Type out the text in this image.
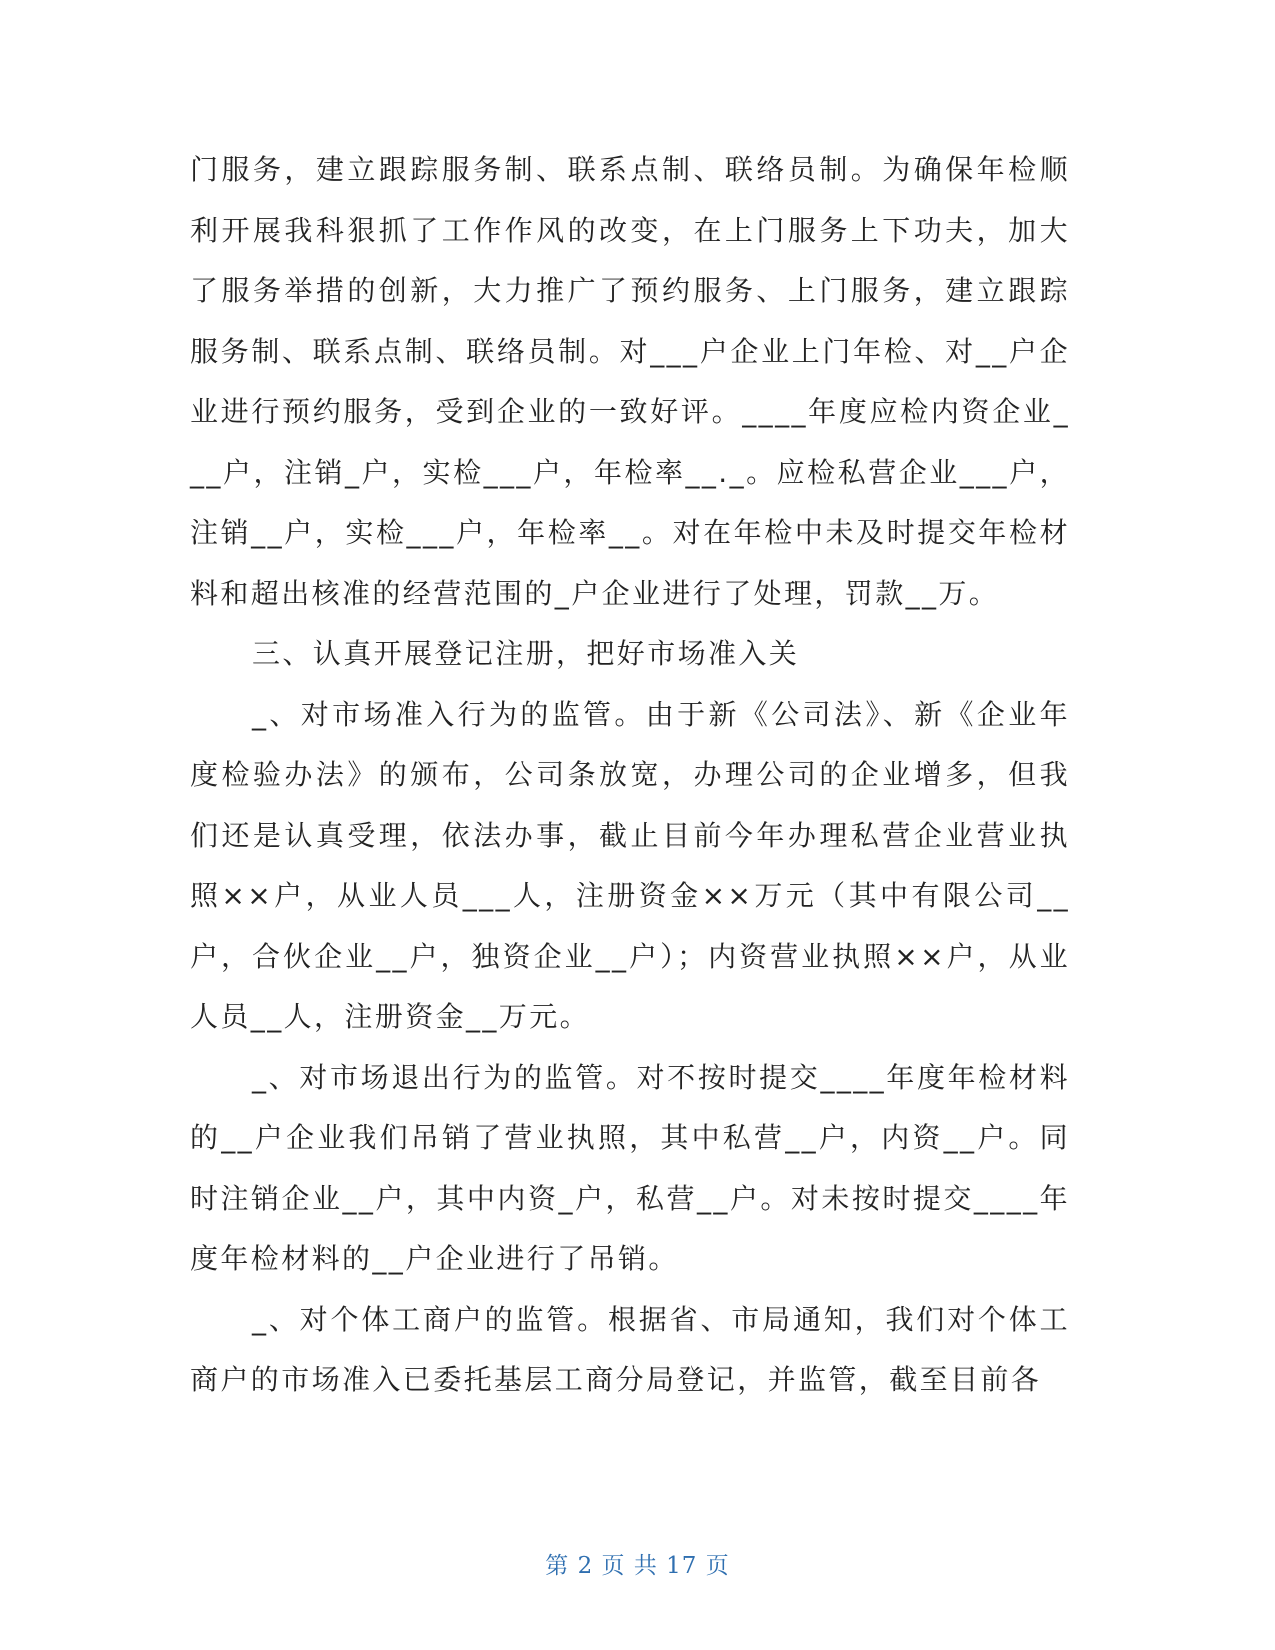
门服务，建立跟踪服务制、联系点制、联络员制。为确保年检顺利开展我科狠抓了工作作风的改变，在上门服务上下功夫，加大了服务举措的创新，大力推广了预约服务、上门服务，建立跟踪服务制、联系点制、联络员制。对___户企业上门年检、对__户企业进行预约服务，受到企业的一致好评。____年度应检内资企业___户，注销_户，实检___户，年检率__._。应检私营企业___户，注销__户，实检___户，年检率__。对在年检中未及时提交年检材料和超出核准的经营范围的_户企业进行了处理，罚款__万。

三、认真开展登记注册，把好市场准入关

_、对市场准入行为的监管。由于新《公司法》、新《企业年度检验办法》的颁布，公司条放宽，办理公司的企业增多，但我们还是认真受理，依法办事，截止目前今年办理私营企业营业执照××户，从业人员___人，注册资金××万元（其中有限公司__户，合伙企业__户，独资企业__户）；内资营业执照××户，从业人员__人，注册资金__万元。

_、对市场退出行为的监管。对不按时提交____年度年检材料的__户企业我们吊销了营业执照，其中私营__户，内资__户。同时注销企业__户，其中内资_户，私营__户。对未按时提交____年度年检材料的__户企业进行了吊销。

_、对个体工商户的监管。根据省、市局通知，我们对个体工商户的市场准入已委托基层工商分局登记，并监管，截至目前各

第 2 页 共 17 页
